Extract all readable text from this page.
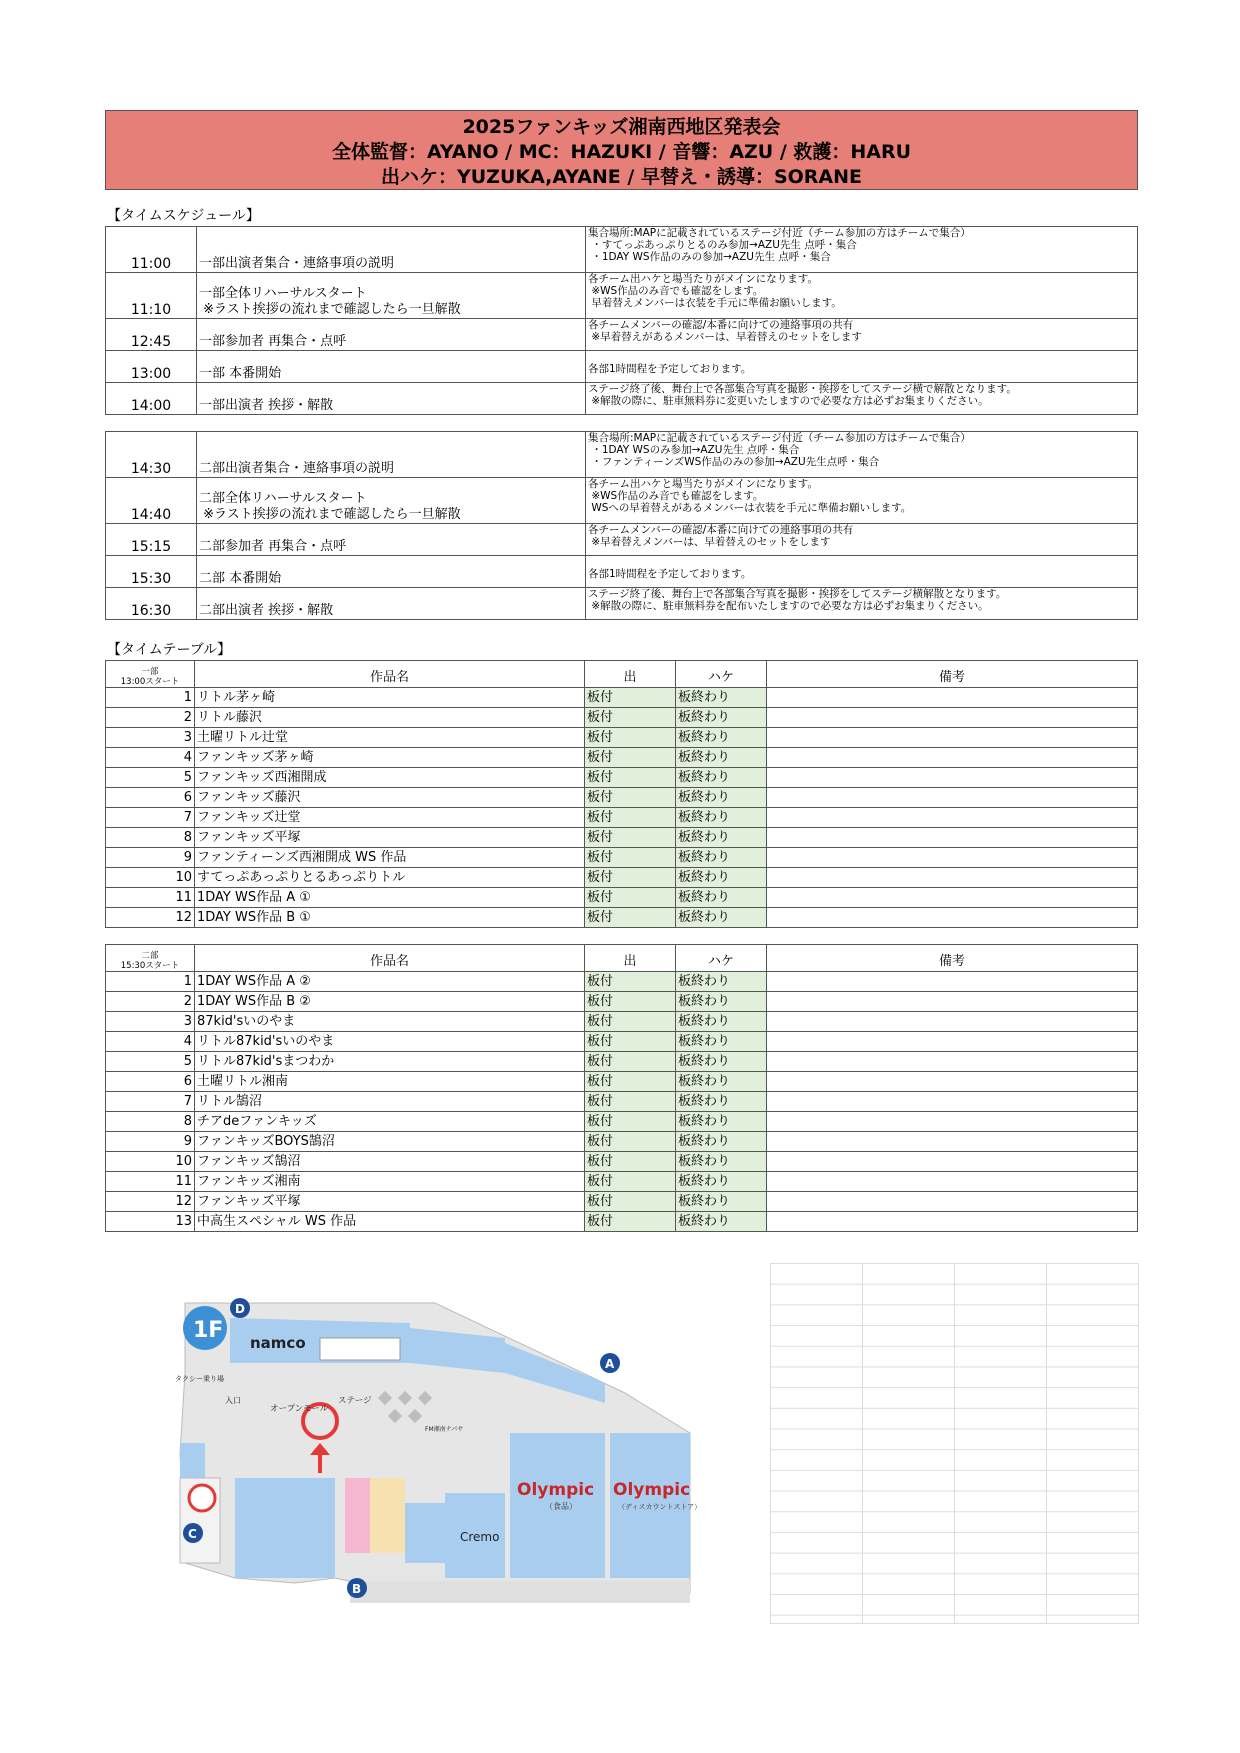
2025ファンキッズ湘南西地区発表会
全体監督：AYANO / MC：HAZUKI / 音響：AZU / 救護：HARU
出ハケ：YUZUKA,AYANE / 早替え・誘導：SORANE
【タイムスケジュール】
11:00	一部出演者集合・連絡事項の説明	集合場所:MAPに記載されているステージ付近（チーム参加の方はチームで集合）
・すてっぷあっぷりとるのみ参加→AZU先生 点呼・集合
・1DAY WS作品のみの参加→AZU先生 点呼・集合
11:10	一部全体リハーサルスタート
※ラスト挨拶の流れまで確認したら一旦解散	各チーム出ハケと場当たりがメインになります。
※WS作品のみ音でも確認をします。
早着替えメンバーは衣装を手元に準備お願いします。
12:45	一部参加者 再集合・点呼	各チームメンバーの確認/本番に向けての連絡事項の共有
※早着替えがあるメンバーは、早着替えのセットをします
13:00	一部 本番開始	
各部1時間程を予定しております。
14:00	一部出演者 挨拶・解散	ステージ終了後、舞台上で各部集合写真を撮影・挨拶をしてステージ横で解散となります。
※解散の際に、駐車無料券に変更いたしますので必要な方は必ずお集まりください。
14:30	二部出演者集合・連絡事項の説明	集合場所:MAPに記載されているステージ付近（チーム参加の方はチームで集合）
・1DAY WSのみ参加→AZU先生 点呼・集合
・ファンティーンズWS作品のみの参加→AZU先生点呼・集合
14:40	二部全体リハーサルスタート
※ラスト挨拶の流れまで確認したら一旦解散	各チーム出ハケと場当たりがメインになります。
※WS作品のみ音でも確認をします。
WSへの早着替えがあるメンバーは衣装を手元に準備お願いします。
15:15	二部参加者 再集合・点呼	各チームメンバーの確認/本番に向けての連絡事項の共有
※早着替えメンバーは、早着替えのセットをします
15:30	二部 本番開始	
各部1時間程を予定しております。
16:30	二部出演者 挨拶・解散	ステージ終了後、舞台上で各部集合写真を撮影・挨拶をしてステージ横解散となります。
※解散の際に、駐車無料券を配布いたしますので必要な方は必ずお集まりください。
【タイムテーブル】
一部
13:00スタート	作品名	出	ハケ	備考
1	リトル茅ヶ崎	板付	板終わり	
2	リトル藤沢	板付	板終わり	
3	土曜リトル辻堂	板付	板終わり	
4	ファンキッズ茅ヶ崎	板付	板終わり	
5	ファンキッズ西湘開成	板付	板終わり	
6	ファンキッズ藤沢	板付	板終わり	
7	ファンキッズ辻堂	板付	板終わり	
8	ファンキッズ平塚	板付	板終わり	
9	ファンティーンズ西湘開成 WS 作品	板付	板終わり	
10	すてっぷあっぷりとるあっぷりトル	板付	板終わり	
11	1DAY WS作品 A ①	板付	板終わり	
12	1DAY WS作品 B ①	板付	板終わり	
二部
15:30スタート	作品名	出	ハケ	備考
1	1DAY WS作品 A ②	板付	板終わり	
2	1DAY WS作品 B ②	板付	板終わり	
3	87kid'sいのやま	板付	板終わり	
4	リトル87kid'sいのやま	板付	板終わり	
5	リトル87kid'sまつわか	板付	板終わり	
6	土曜リトル湘南	板付	板終わり	
7	リトル鵠沼	板付	板終わり	
8	チアdeファンキッズ	板付	板終わり	
9	ファンキッズBOYS鵠沼	板付	板終わり	
10	ファンキッズ鵠沼	板付	板終わり	
11	ファンキッズ湘南	板付	板終わり	
12	ファンキッズ平塚	板付	板終わり	
13	中高生スペシャル WS 作品	板付	板終わり	
namco
Cremo
Olympic
（食品）
Olympic
（ディスカウントストア）
オープンモール
ステージ
FM湘南ナパサ
1F
D
A
C
B
タクシー乗り場
入口
